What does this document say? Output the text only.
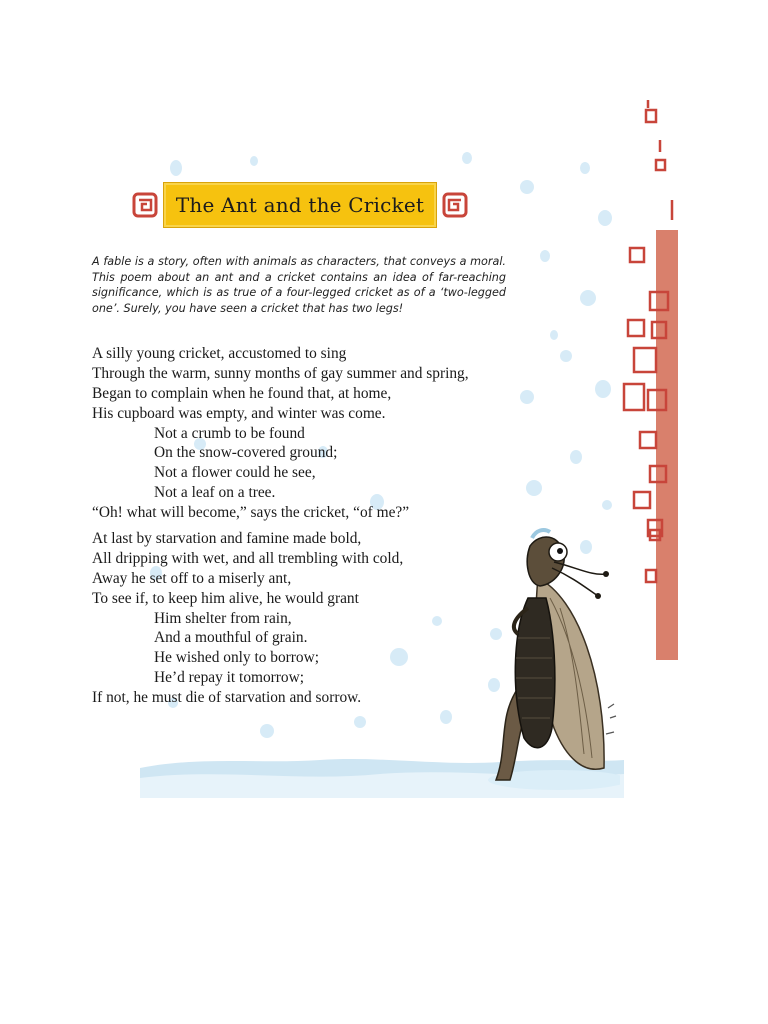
The Ant and the Cricket
A fable is a story, often with animals as characters, that conveys a moral. This poem about an ant and a cricket contains an idea of far-reaching significance, which is as true of a four-legged cricket as of a ‘two-legged one’. Surely, you have seen a cricket that has two legs!
A silly young cricket, accustomed to sing
Through the warm, sunny months of gay summer and spring,
Began to complain when he found that, at home,
His cupboard was empty, and winter was come.
Not a crumb to be found
On the snow-covered ground;
Not a flower could he see,
Not a leaf on a tree.
“Oh! what will become,” says the cricket, “of me?”
At last by starvation and famine made bold,
All dripping with wet, and all trembling with cold,
Away he set off to a miserly ant,
To see if, to keep him alive, he would grant
Him shelter from rain,
And a mouthful of grain.
He wished only to borrow;
He’d repay it tomorrow;
If not, he must die of starvation and sorrow.
